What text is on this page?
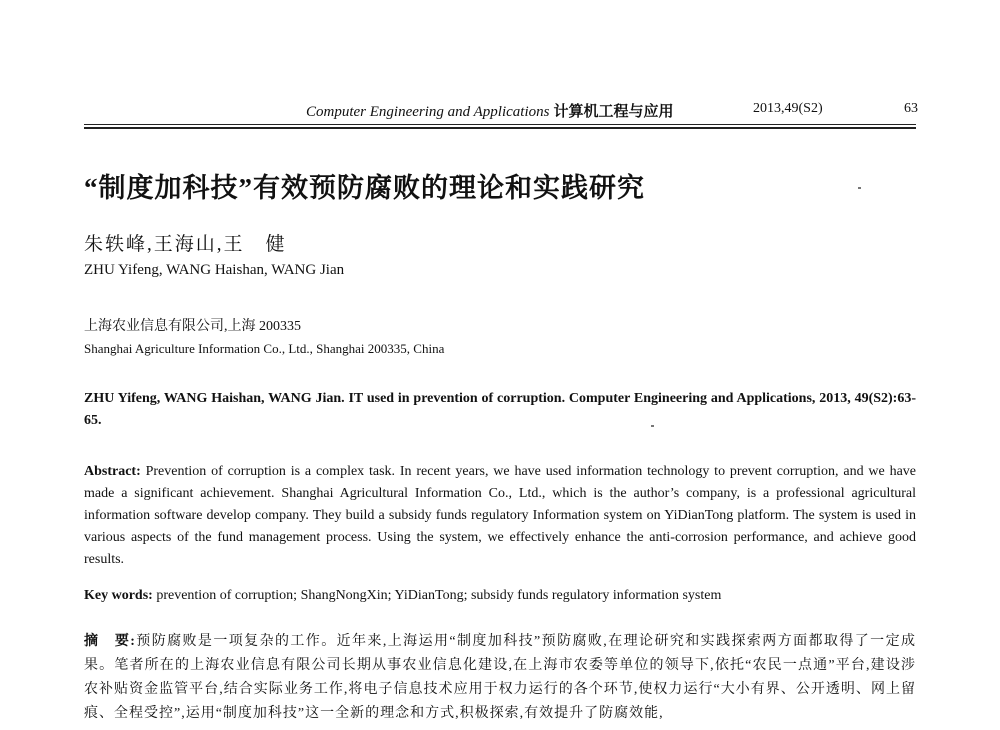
Computer Engineering and Applications 计算机工程与应用	2013,49(S2)	63
“制度加科技”有效预防腐败的理论和实践研究
朱轶峰,王海山,王　健
ZHU Yifeng, WANG Haishan, WANG Jian
上海农业信息有限公司,上海 200335
Shanghai Agriculture Information Co., Ltd., Shanghai 200335, China
ZHU Yifeng, WANG Haishan, WANG Jian. IT used in prevention of corruption. Computer Engineering and Applications, 2013, 49(S2):63-65.
Abstract: Prevention of corruption is a complex task. In recent years, we have used information technology to prevent corruption, and we have made a significant achievement. Shanghai Agricultural Information Co., Ltd., which is the author’s company, is a professional agricultural information software develop company. They build a subsidy funds regulatory Information system on YiDianTong platform. The system is used in various aspects of the fund management process. Using the system, we effectively enhance the anti-corrosion performance, and achieve good results.
Key words: prevention of corruption; ShangNongXin; YiDianTong; subsidy funds regulatory information system
摘　要:预防腐败是一项复杂的工作。近年来,上海运用“制度加科技”预防腐败,在理论研究和实践探索两方面都取得了一定成果。笔者所在的上海农业信息有限公司长期从事农业信息化建设,在上海市农委等单位的领导下,依托“农民一点通”平台,建设涉农补贴资金监管平台,结合实际业务工作,将电子信息技术应用于权力运行的各个环节,使权力运行“大小有界、公开透明、网上留痕、全程受控”,运用“制度加科技”这一全新的理念和方式,积极探索,有效提升了防腐效能,
